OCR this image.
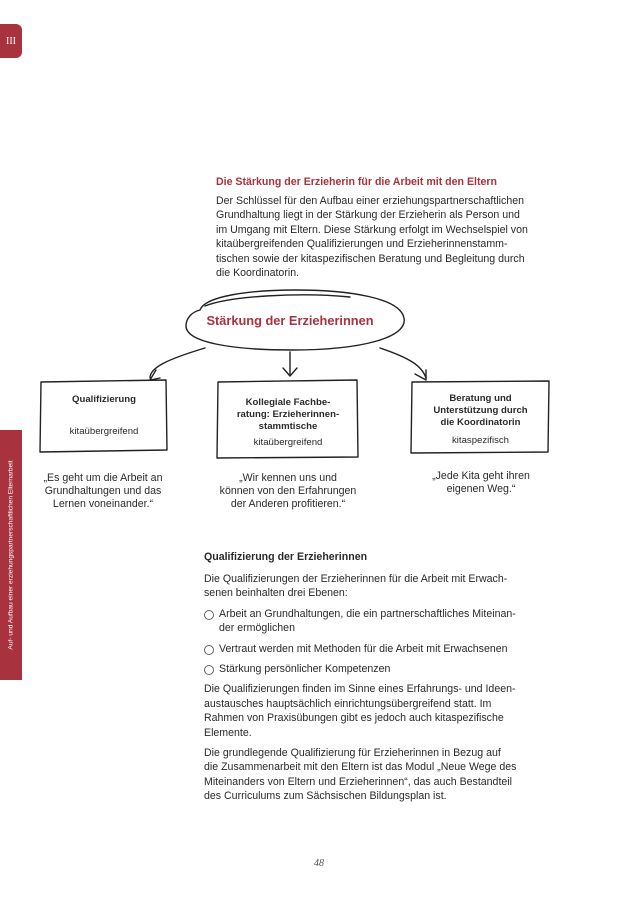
III
Auf- und Aufbau einer erziehungspartnerschaftlichen Elternarbeit
Die Stärkung der Erzieherin für die Arbeit mit den Eltern
Der Schlüssel für den Aufbau einer erziehungspartnerschaftlichen
Grundhaltung liegt in der Stärkung der Erzieherin als Person und
im Umgang mit Eltern. Diese Stärkung erfolgt im Wechselspiel von
kitaübergreifenden Qualifizierungen und Erzieherinnenstamm-
tischen sowie der kitaspezifischen Beratung und Begleitung durch
die Koordinatorin.
Stärkung der Erzieherinnen
Qualifizierung
kitaübergreifend
„Es geht um die Arbeit an
Grundhaltungen und das
Lernen voneinander.“
Kollegiale Fachbe-
ratung: Erzieherinnen-
stammtische
kitaübergreifend
„Wir kennen uns und
können von den Erfahrungen
der Anderen profitieren.“
Beratung und
Unterstützung durch
die Koordinatorin
kitaspezifisch
„Jede Kita geht ihren
eigenen Weg.“
Qualifizierung der Erzieherinnen

Die Qualifizierungen der Erzieherinnen für die Arbeit mit Erwach-
senen beinhalten drei Ebenen:

Arbeit an Grundhaltungen, die ein partnerschaftliches Miteinan-
der ermöglichen
Vertraut werden mit Methoden für die Arbeit mit Erwachsenen
Stärkung persönlicher Kompetenzen

Die Qualifizierungen finden im Sinne eines Erfahrungs- und Ideen-
austausches hauptsächlich einrichtungsübergreifend statt. Im
Rahmen von Praxisübungen gibt es jedoch auch kitaspezifische
Elemente.

Die grundlegende Qualifizierung für Erzieherinnen in Bezug auf
die Zusammenarbeit mit den Eltern ist das Modul „Neue Wege des
Miteinanders von Eltern und Erzieherinnen“, das auch Bestandteil
des Curriculums zum Sächsischen Bildungsplan ist.

48
